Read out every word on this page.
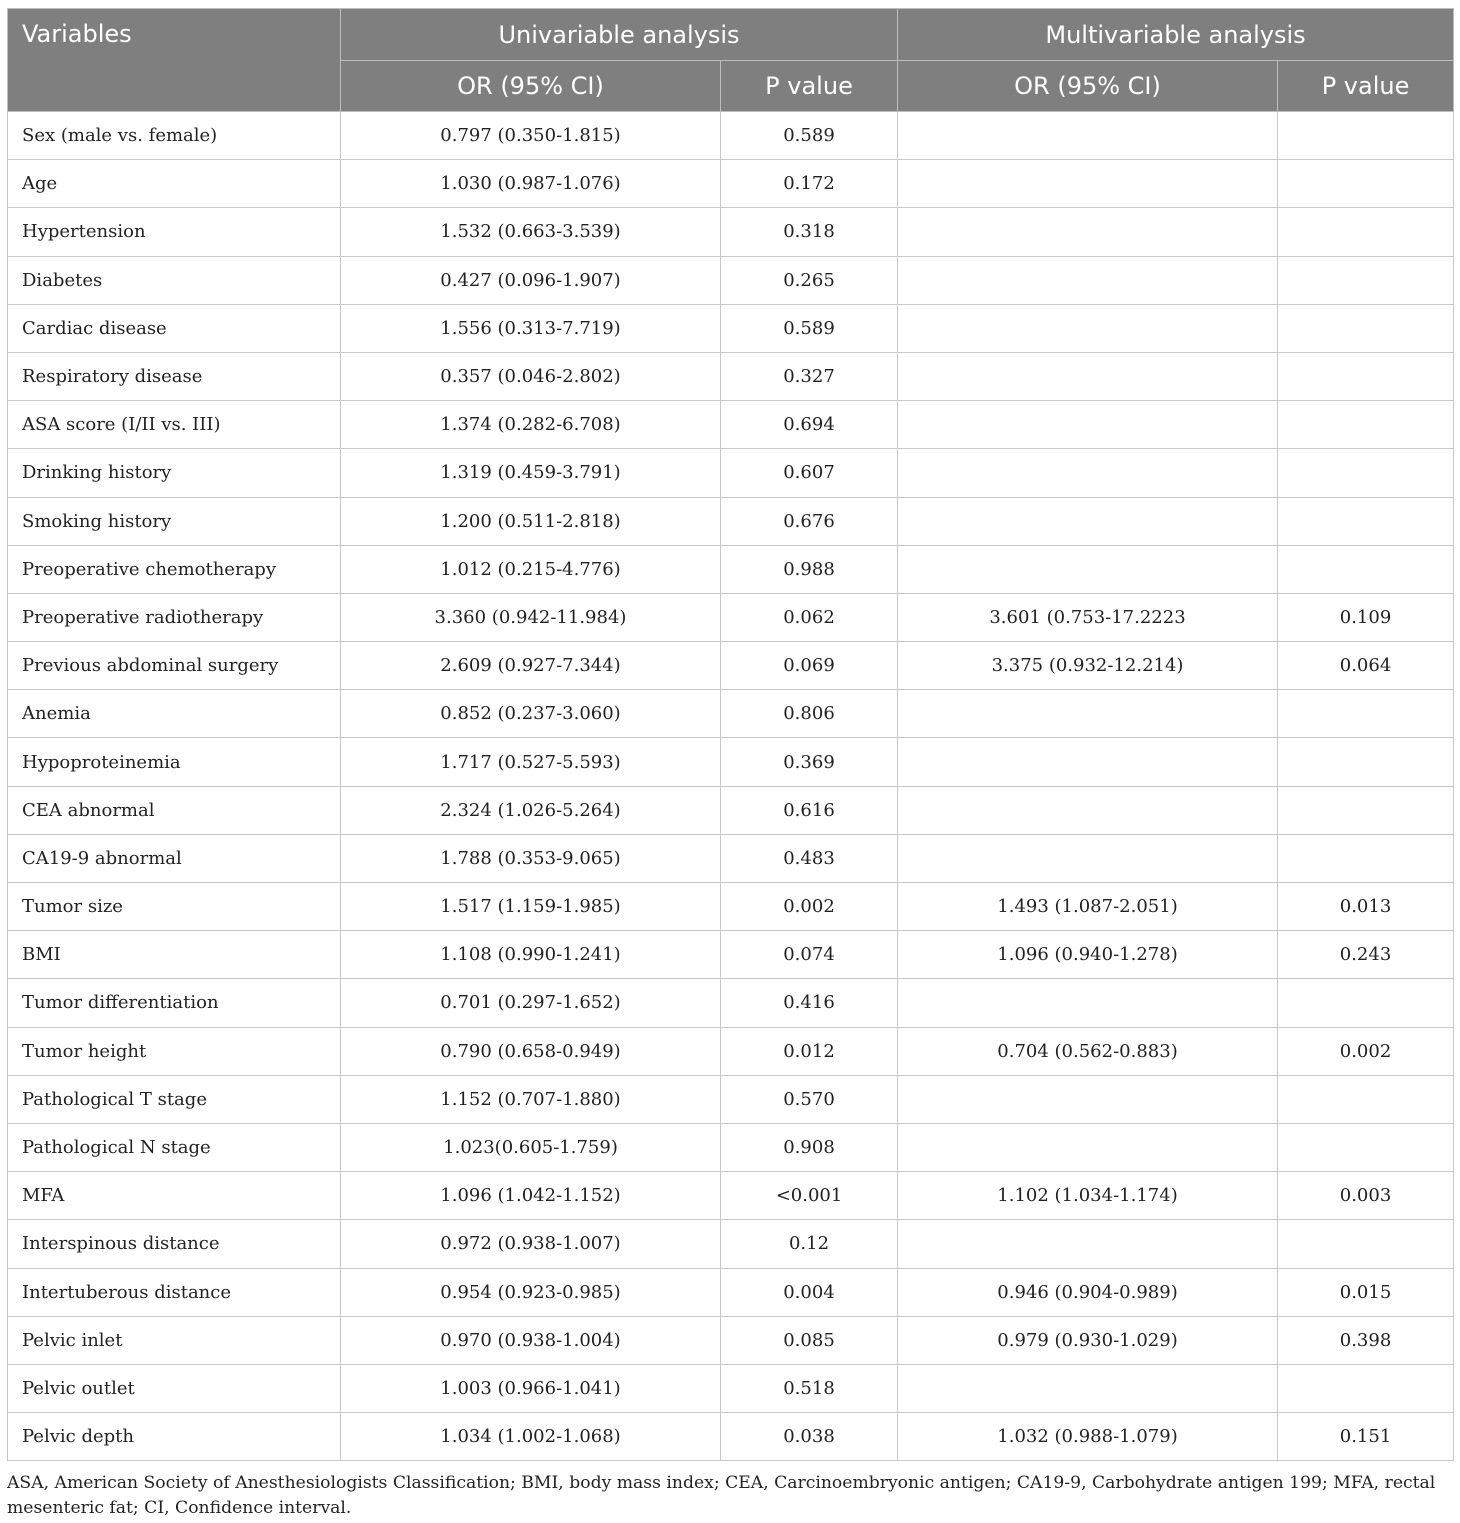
Variables	Univariable analysis		Multivariable analysis	
	OR (95% CI)	P value	OR (95% CI)	P value
Sex (male vs. female)	0.797 (0.350-1.815)	0.589		
Age	1.030 (0.987-1.076)	0.172		
Hypertension	1.532 (0.663-3.539)	0.318		
Diabetes	0.427 (0.096-1.907)	0.265		
Cardiac disease	1.556 (0.313-7.719)	0.589		
Respiratory disease	0.357 (0.046-2.802)	0.327		
ASA score (I/II vs. III)	1.374 (0.282-6.708)	0.694		
Drinking history	1.319 (0.459-3.791)	0.607		
Smoking history	1.200 (0.511-2.818)	0.676		
Preoperative chemotherapy	1.012 (0.215-4.776)	0.988		
Preoperative radiotherapy	3.360 (0.942-11.984)	0.062	3.601 (0.753-17.2223	0.109
Previous abdominal surgery	2.609 (0.927-7.344)	0.069	3.375 (0.932-12.214)	0.064
Anemia	0.852 (0.237-3.060)	0.806		
Hypoproteinemia	1.717 (0.527-5.593)	0.369		
CEA abnormal	2.324 (1.026-5.264)	0.616		
CA19-9 abnormal	1.788 (0.353-9.065)	0.483		
Tumor size	1.517 (1.159-1.985)	0.002	1.493 (1.087-2.051)	0.013
BMI	1.108 (0.990-1.241)	0.074	1.096 (0.940-1.278)	0.243
Tumor differentiation	0.701 (0.297-1.652)	0.416		
Tumor height	0.790 (0.658-0.949)	0.012	0.704 (0.562-0.883)	0.002
Pathological T stage	1.152 (0.707-1.880)	0.570		
Pathological N stage	1.023(0.605-1.759)	0.908		
MFA	1.096 (1.042-1.152)	<0.001	1.102 (1.034-1.174)	0.003
Interspinous distance	0.972 (0.938-1.007)	0.12		
Intertuberous distance	0.954 (0.923-0.985)	0.004	0.946 (0.904-0.989)	0.015
Pelvic inlet	0.970 (0.938-1.004)	0.085	0.979 (0.930-1.029)	0.398
Pelvic outlet	1.003 (0.966-1.041)	0.518		
Pelvic depth	1.034 (1.002-1.068)	0.038	1.032 (0.988-1.079)	0.151
ASA, American Society of Anesthesiologists Classification; BMI, body mass index; CEA, Carcinoembryonic antigen; CA19-9, Carbohydrate antigen 199; MFA, rectal mesenteric fat; CI, Confidence interval.
